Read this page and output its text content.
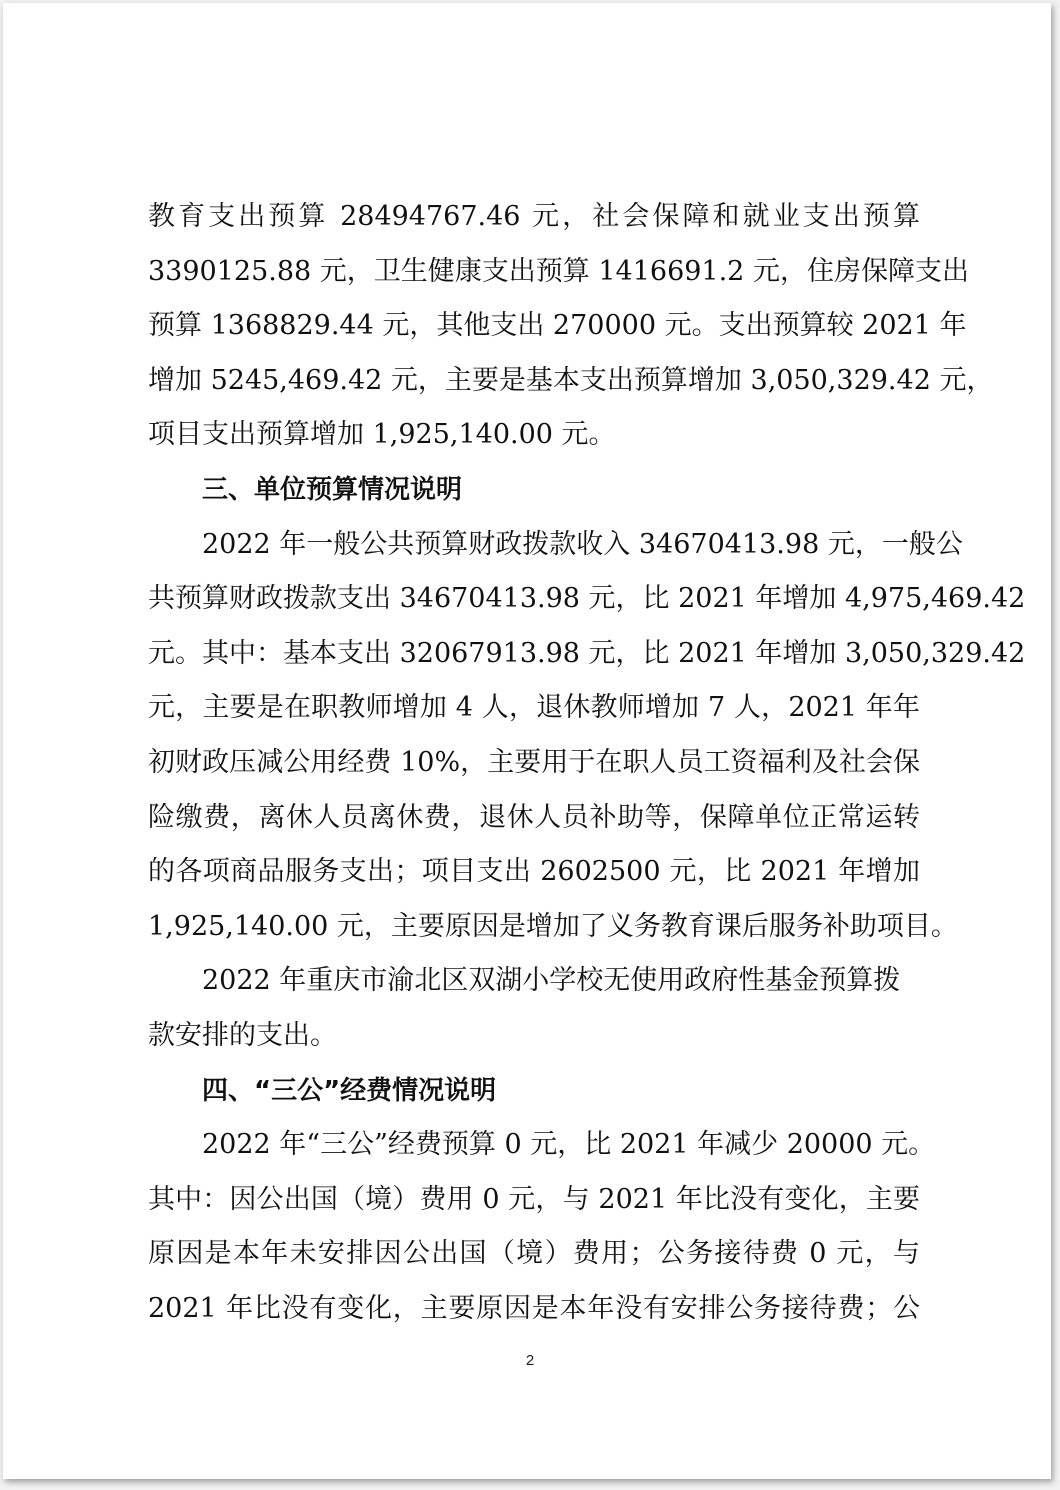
教育支出预算 28494767.46 元，社会保障和就业支出预算
3390125.88 元，卫生健康支出预算 1416691.2 元，住房保障支出
预算 1368829.44 元，其他支出 270000 元。支出预算较 2021 年
增加 5245,469.42 元，主要是基本支出预算增加 3,050,329.42 元，
项目支出预算增加 1,925,140.00 元。
三、单位预算情况说明
2022 年一般公共预算财政拨款收入 34670413.98 元，一般公
共预算财政拨款支出 34670413.98 元，比 2021 年增加 4,975,469.42
元。其中：基本支出 32067913.98 元，比 2021 年增加 3,050,329.42
元，主要是在职教师增加 4 人，退休教师增加 7 人，2021 年年
初财政压减公用经费 10%，主要用于在职人员工资福利及社会保
险缴费，离休人员离休费，退休人员补助等，保障单位正常运转
的各项商品服务支出；项目支出 2602500 元，比 2021 年增加
1,925,140.00 元，主要原因是增加了义务教育课后服务补助项目。
2022 年重庆市渝北区双湖小学校无使用政府性基金预算拨
款安排的支出。
四、“三公”经费情况说明
2022 年“三公”经费预算 0 元，比 2021 年减少 20000 元。
其中：因公出国（境）费用 0 元，与 2021 年比没有变化，主要
原因是本年未安排因公出国（境）费用；公务接待费 0 元，与
2021 年比没有变化，主要原因是本年没有安排公务接待费；公
2
